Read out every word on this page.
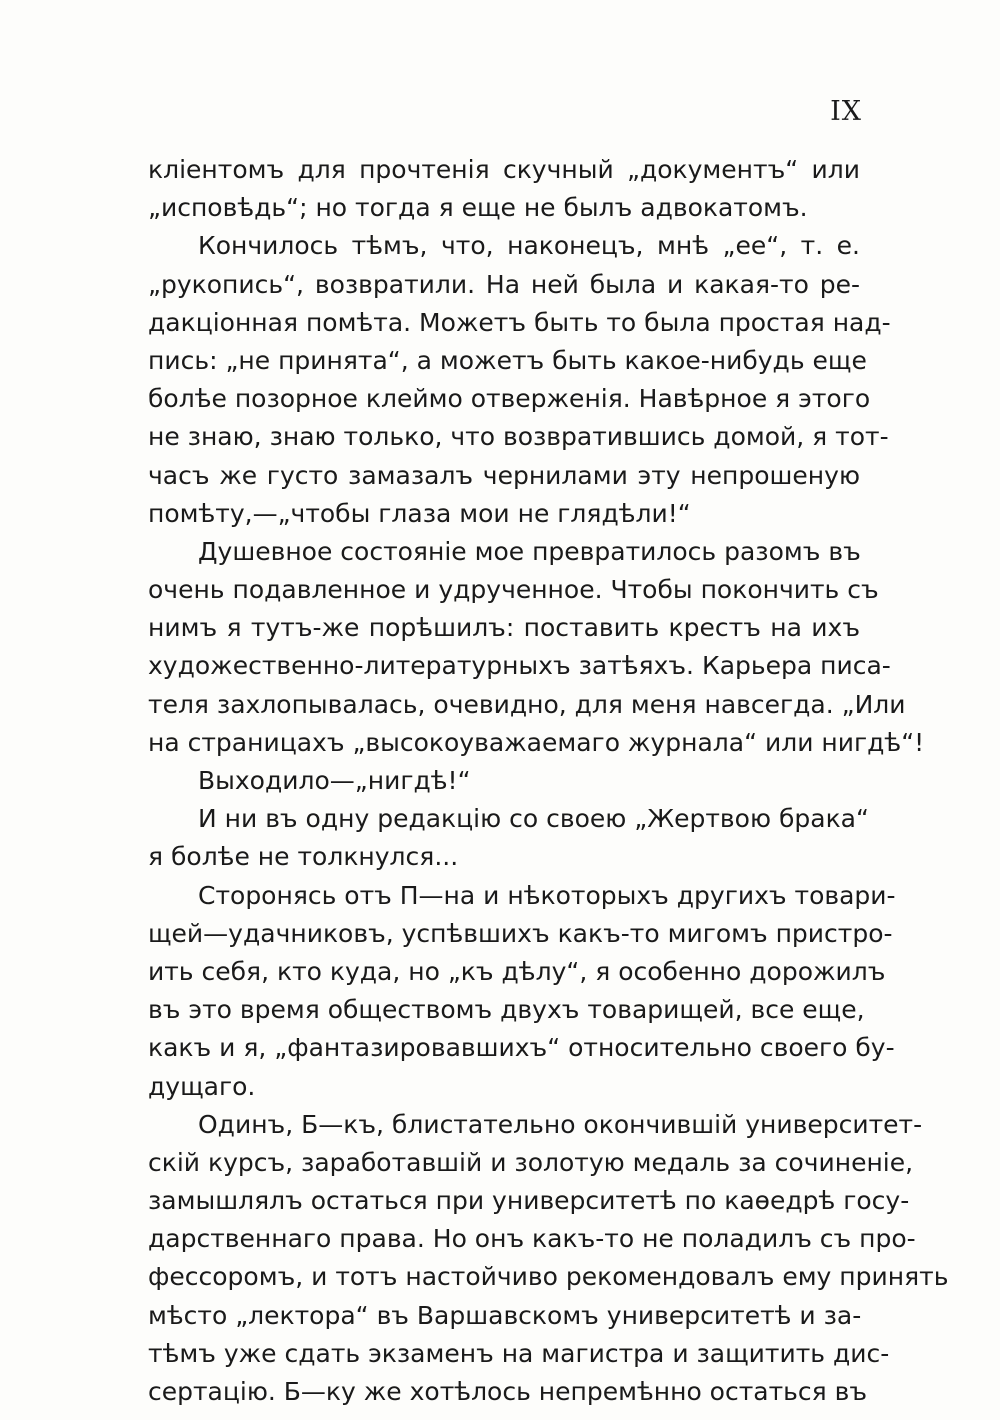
IX
кліентомъ для прочтенія скучный „документъ“ или
„исповѣдь“; но тогда я еще не былъ адвокатомъ.
Кончилось тѣмъ, что, наконецъ, мнѣ „ее“, т. е.
„рукопись“, возвратили. На ней была и какая-то ре-
дакціонная помѣта. Можетъ быть то была простая над-
пись: „не принята“, а можетъ быть какое-нибудь еще
болѣе позорное клеймо отверженія. Навѣрное я этого
не знаю, знаю только, что возвратившись домой, я тот-
часъ же густо замазалъ чернилами эту непрошеную
помѣту,—„чтобы глаза мои не глядѣли!“
Душевное состояніе мое превратилось разомъ въ
очень подавленное и удрученное. Чтобы покончить съ
нимъ я тутъ-же порѣшилъ: поставить крестъ на ихъ
художественно-литературныхъ затѣяхъ. Карьера писа-
теля захлопывалась, очевидно, для меня навсегда. „Или
на страницахъ „высокоуважаемаго журнала“ или нигдѣ“!
Выходило—„нигдѣ!“
И ни въ одну редакцію со своею „Жертвою брака“
я болѣе не толкнулся...
Сторонясь отъ П—на и нѣкоторыхъ другихъ товари-
щей—удачниковъ, успѣвшихъ какъ-то мигомъ пристро-
ить себя, кто куда, но „къ дѣлу“, я особенно дорожилъ
въ это время обществомъ двухъ товарищей, все еще,
какъ и я, „фантазировавшихъ“ относительно своего бу-
дущаго.
Одинъ, Б—къ, блистательно окончившій университет-
скій курсъ, заработавшій и золотую медаль за сочиненіе,
замышлялъ остаться при университетѣ по каѳедрѣ госу-
дарственнаго права. Но онъ какъ-то не поладилъ съ про-
фессоромъ, и тотъ настойчиво рекомендовалъ ему принять
мѣсто „лектора“ въ Варшавскомъ университетѣ и за-
тѣмъ уже сдать экзаменъ на магистра и защитить дис-
сертацію. Б—ку же хотѣлось непремѣнно остаться въ
